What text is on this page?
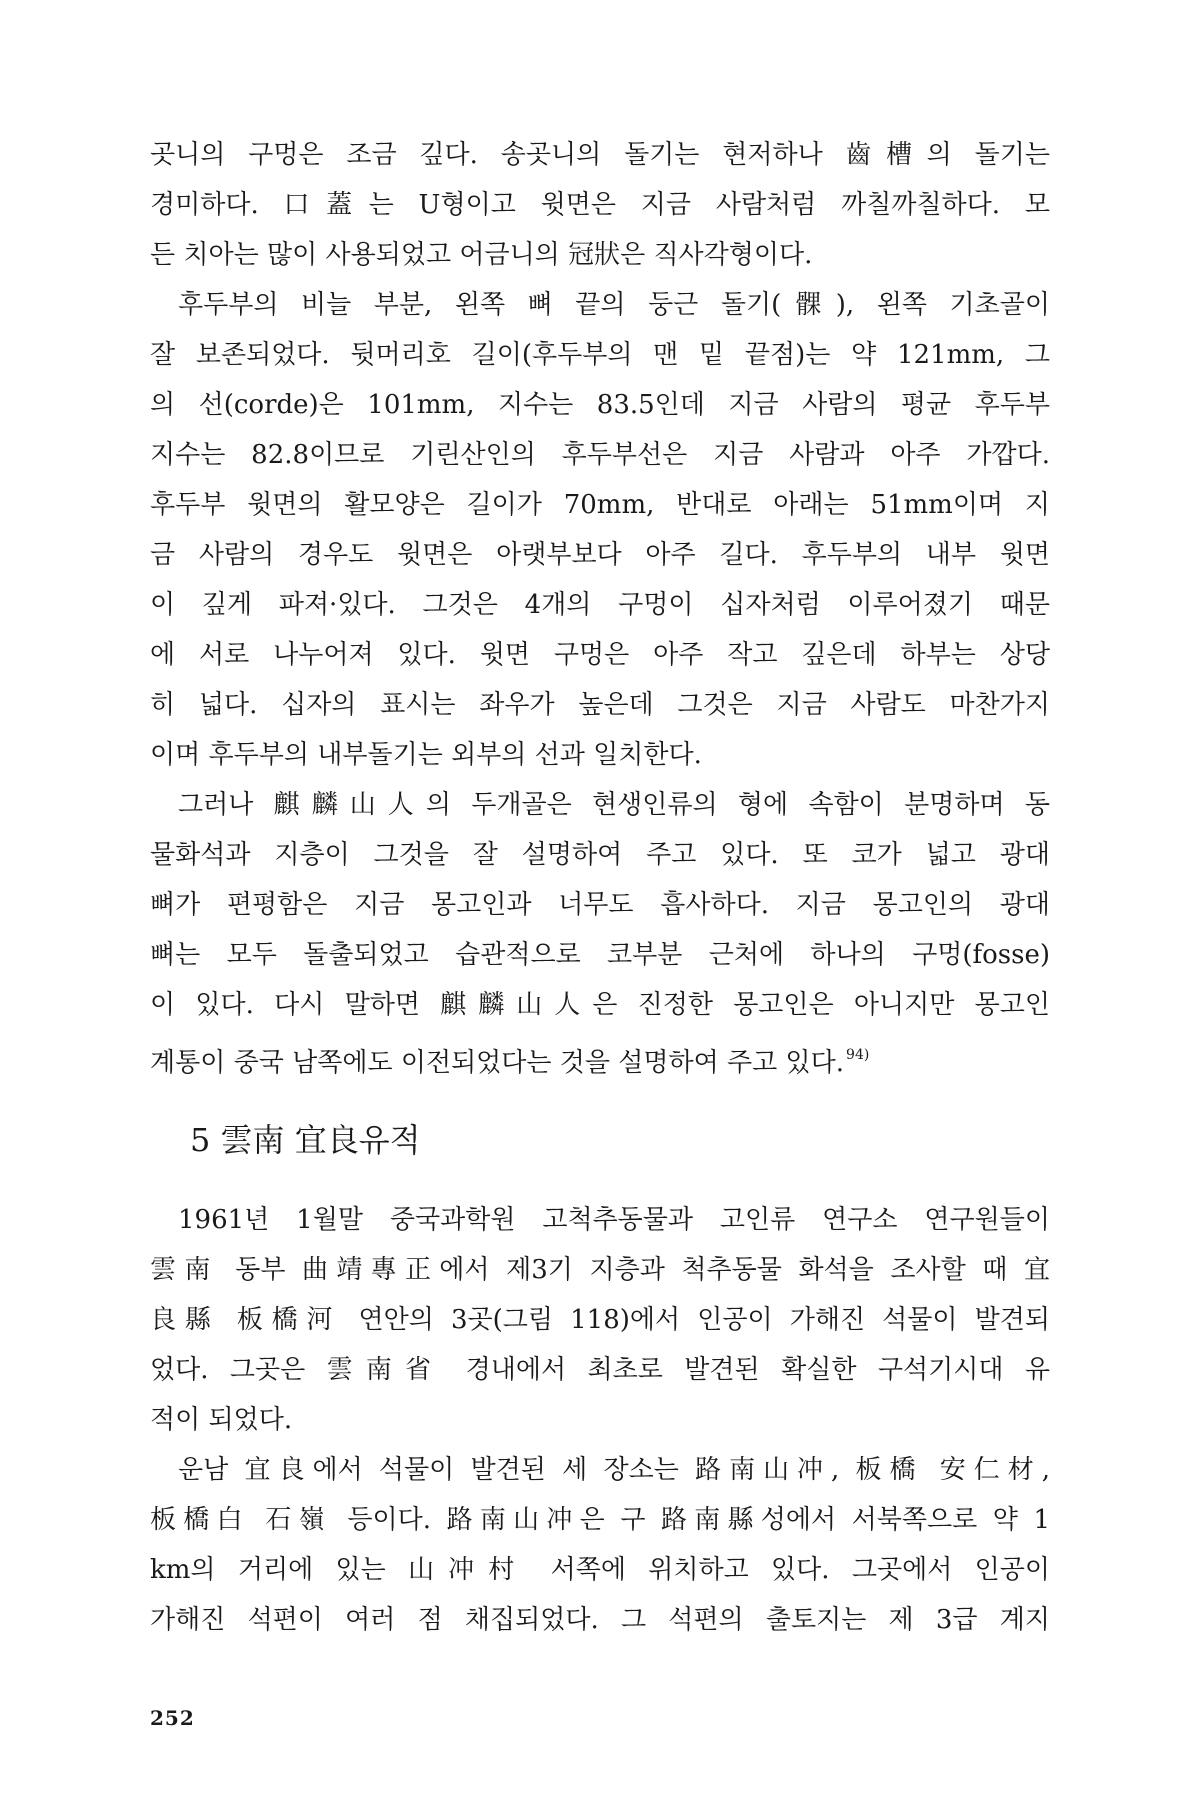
곳니의 구멍은 조금 깊다. 송곳니의 돌기는 현저하나 齒槽의 돌기는
경미하다. 口蓋는 U형이고 윗면은 지금 사람처럼 까칠까칠하다. 모
든 치아는 많이 사용되었고 어금니의 冠狀은 직사각형이다.
후두부의 비늘 부분, 왼쪽 뼈 끝의 둥근 돌기(髁), 왼쪽 기초골이
잘 보존되었다. 뒷머리호 길이(후두부의 맨 밑 끝점)는 약 121mm, 그
의 선(corde)은 101mm, 지수는 83.5인데 지금 사람의 평균 후두부
지수는 82.8이므로 기린산인의 후두부선은 지금 사람과 아주 가깝다.
후두부 윗면의 활모양은 길이가 70mm, 반대로 아래는 51mm이며 지
금 사람의 경우도 윗면은 아랫부보다 아주 길다. 후두부의 내부 윗면
이 깊게 파져·있다. 그것은 4개의 구멍이 십자처럼 이루어졌기 때문
에 서로 나누어져 있다. 윗면 구멍은 아주 작고 깊은데 하부는 상당
히 넓다. 십자의 표시는 좌우가 높은데 그것은 지금 사람도 마찬가지
이며 후두부의 내부돌기는 외부의 선과 일치한다.
그러나 麒麟山人의 두개골은 현생인류의 형에 속함이 분명하며 동
물화석과 지층이 그것을 잘 설명하여 주고 있다. 또 코가 넓고 광대
뼈가 편평함은 지금 몽고인과 너무도 흡사하다. 지금 몽고인의 광대
뼈는 모두 돌출되었고 습관적으로 코부분 근처에 하나의 구멍(fosse)
이 있다. 다시 말하면 麒麟山人은 진정한 몽고인은 아니지만 몽고인
계통이 중국 남쪽에도 이전되었다는 것을 설명하여 주고 있다. $^{94)}$
5 雲南 宜良유적
1961년 1월말 중국과학원 고척추동물과 고인류 연구소 연구원들이
雲南 동부 曲靖專正에서 제3기 지층과 척추동물 화석을 조사할 때 宜
良縣 板橋河 연안의 3곳(그림 118)에서 인공이 가해진 석물이 발견되
었다. 그곳은 雲南省 경내에서 최초로 발견된 확실한 구석기시대 유
적이 되었다.
운남 宜良에서 석물이 발견된 세 장소는 路南山冲, 板橋 安仁材,
板橋白 石嶺 등이다. 路南山冲은 구 路南縣성에서 서북쪽으로 약 1
km의 거리에 있는 山冲村 서쪽에 위치하고 있다. 그곳에서 인공이
가해진 석편이 여러 점 채집되었다. 그 석편의 출토지는 제 3급 계지
252
